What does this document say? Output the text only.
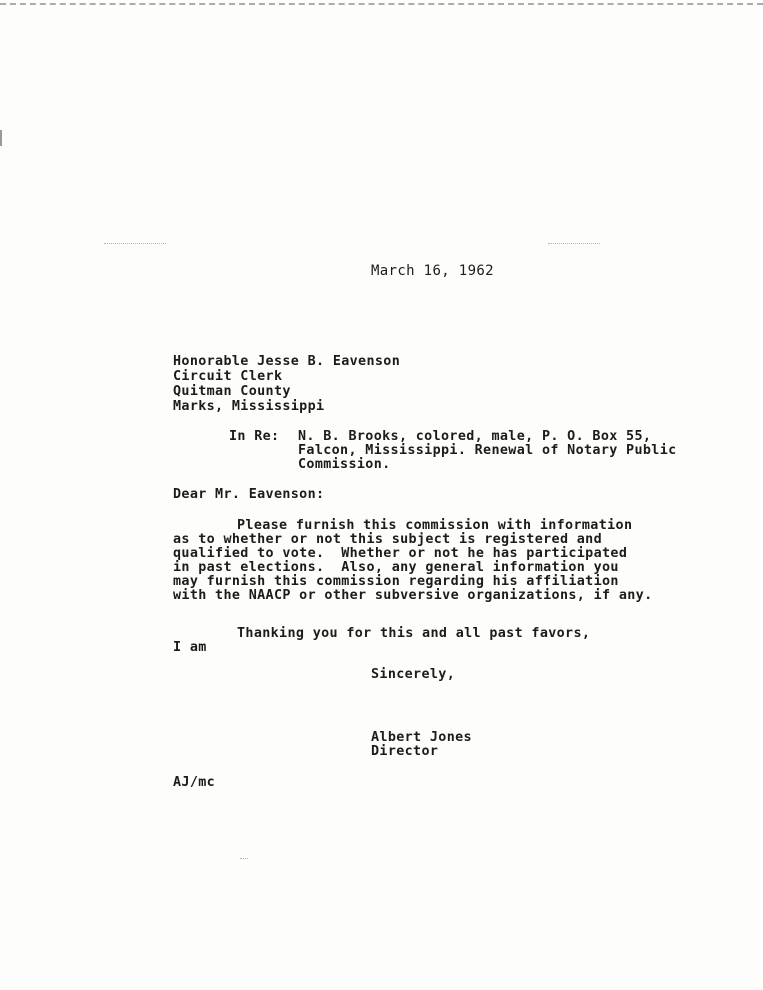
March 16, 1962
Honorable Jesse B. Eavenson
Circuit Clerk
Quitman County
Marks, Mississippi
In Re: N. B. Brooks, colored, male, P. O. Box 55,
Falcon, Mississippi. Renewal of Notary Public
Commission.
Dear Mr. Eavenson:
Please furnish this commission with information
as to whether or not this subject is registered and
qualified to vote.  Whether or not he has participated
in past elections.  Also, any general information you
may furnish this commission regarding his affiliation
with the NAACP or other subversive organizations, if any.
Thanking you for this and all past favors,
I am
Sincerely,
Albert Jones
Director
AJ/mc
